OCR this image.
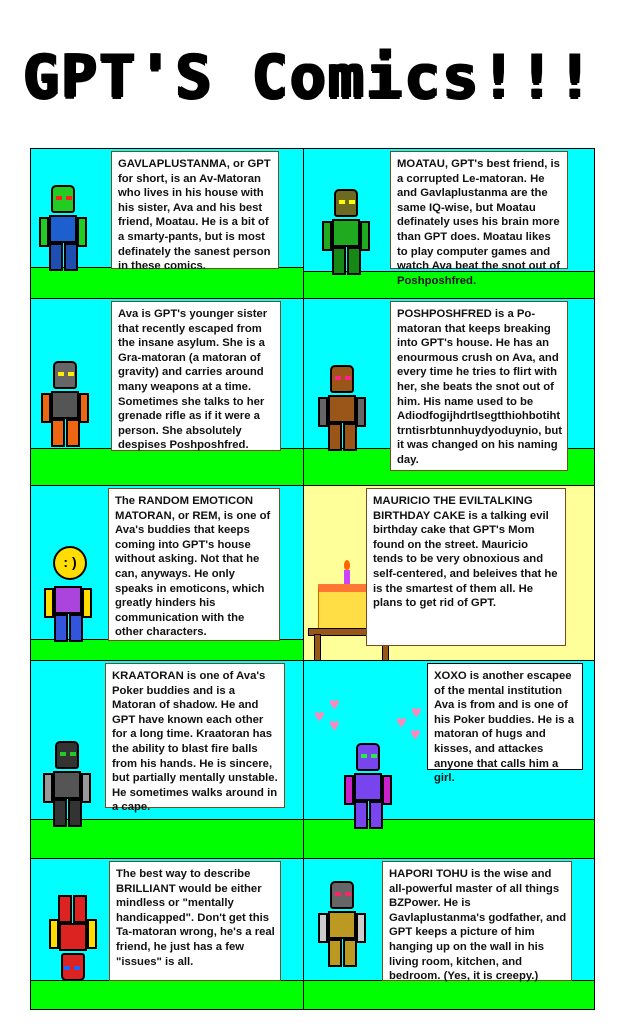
GPT'S Comics!!!
GAVLAPLUSTANMA, or GPT for short, is an Av-Matoran who lives in his house with his sister, Ava and his best friend, Moatau. He is a bit of a smarty-pants, but is most definately the sanest person in these comics.
MOATAU, GPT's best friend, is a corrupted Le-matoran. He and Gavlaplustanma are the same IQ-wise, but Moatau definately uses his brain more than GPT does. Moatau likes to play computer games and watch Ava beat the snot out of Poshposhfred.
Ava is GPT's younger sister that recently escaped from the insane asylum. She is a Gra-matoran (a matoran of gravity) and carries around many weapons at a time. Sometimes she talks to her grenade rifle as if it were a person. She absolutely despises Poshposhfred.
POSHPOSHFRED is a Po-matoran that keeps breaking into GPT's house. He has an enourmous crush on Ava, and every time he tries to flirt with her, she beats the snot out of him. His name used to be Adiodfogijhdrtlsegtthiohbotiht trntisrbtunnhuydyoduynio, but it was changed on his naming day.
: )
The RANDOM EMOTICON MATORAN, or REM, is one of Ava's buddies that keeps coming into GPT's house without asking. Not that he can, anyways. He only speaks in emoticons, which greatly hinders his communication with the other characters.
MAURICIO THE EVILTALKING BIRTHDAY CAKE is a talking evil birthday cake that GPT's Mom found on the street. Mauricio tends to be very obnoxious and self-centered, and beleives that he is the smartest of them all. He plans to get rid of GPT.
KRAATORAN is one of Ava's Poker buddies and is a Matoran of shadow. He and GPT have known each other for a long time. Kraatoran has the ability to blast fire balls from his hands. He is sincere, but partially mentally unstable. He sometimes walks around in a cape.
♥ ♥
♥
♥
♥
♥
XOXO is another escapee of the mental institution Ava is from and is one of his Poker buddies. He is a matoran of hugs and kisses, and attackes anyone that calls him a girl.
The best way to describe BRILLIANT would be either mindless or "mentally handicapped". Don't get this Ta-matoran wrong, he's a real friend, he just has a few "issues" is all.
HAPORI TOHU is the wise and all-powerful master of all things BZPower. He is Gavlaplustanma's godfather, and GPT keeps a picture of him hanging up on the wall in his living room, kitchen, and bedroom. (Yes, it is creepy.)
